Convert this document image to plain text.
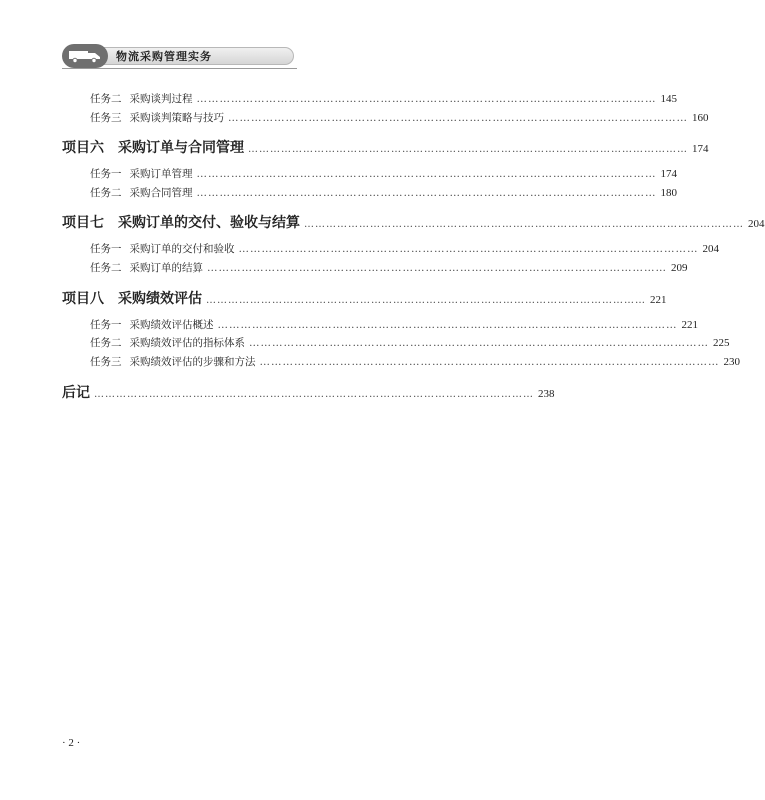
物流采购管理实务
任务二 采购谈判过程 ………………………………………………………………………………………………………… 145
任务三 采购谈判策略与技巧 ………………………………………………………………………………………………………… 160
项目六 采购订单与合同管理 ………………………………………………………………………………………………………… 174
任务一 采购订单管理 ………………………………………………………………………………………………………… 174
任务二 采购合同管理 ………………………………………………………………………………………………………… 180
项目七 采购订单的交付、验收与结算 ………………………………………………………………………………………………………… 204
任务一 采购订单的交付和验收 ………………………………………………………………………………………………………… 204
任务二 采购订单的结算 ………………………………………………………………………………………………………… 209
项目八 采购绩效评估 ………………………………………………………………………………………………………… 221
任务一 采购绩效评估概述 ………………………………………………………………………………………………………… 221
任务二 采购绩效评估的指标体系 ………………………………………………………………………………………………………… 225
任务三 采购绩效评估的步骤和方法 ………………………………………………………………………………………………………… 230
后记 ………………………………………………………………………………………………………… 238
· 2 ·
